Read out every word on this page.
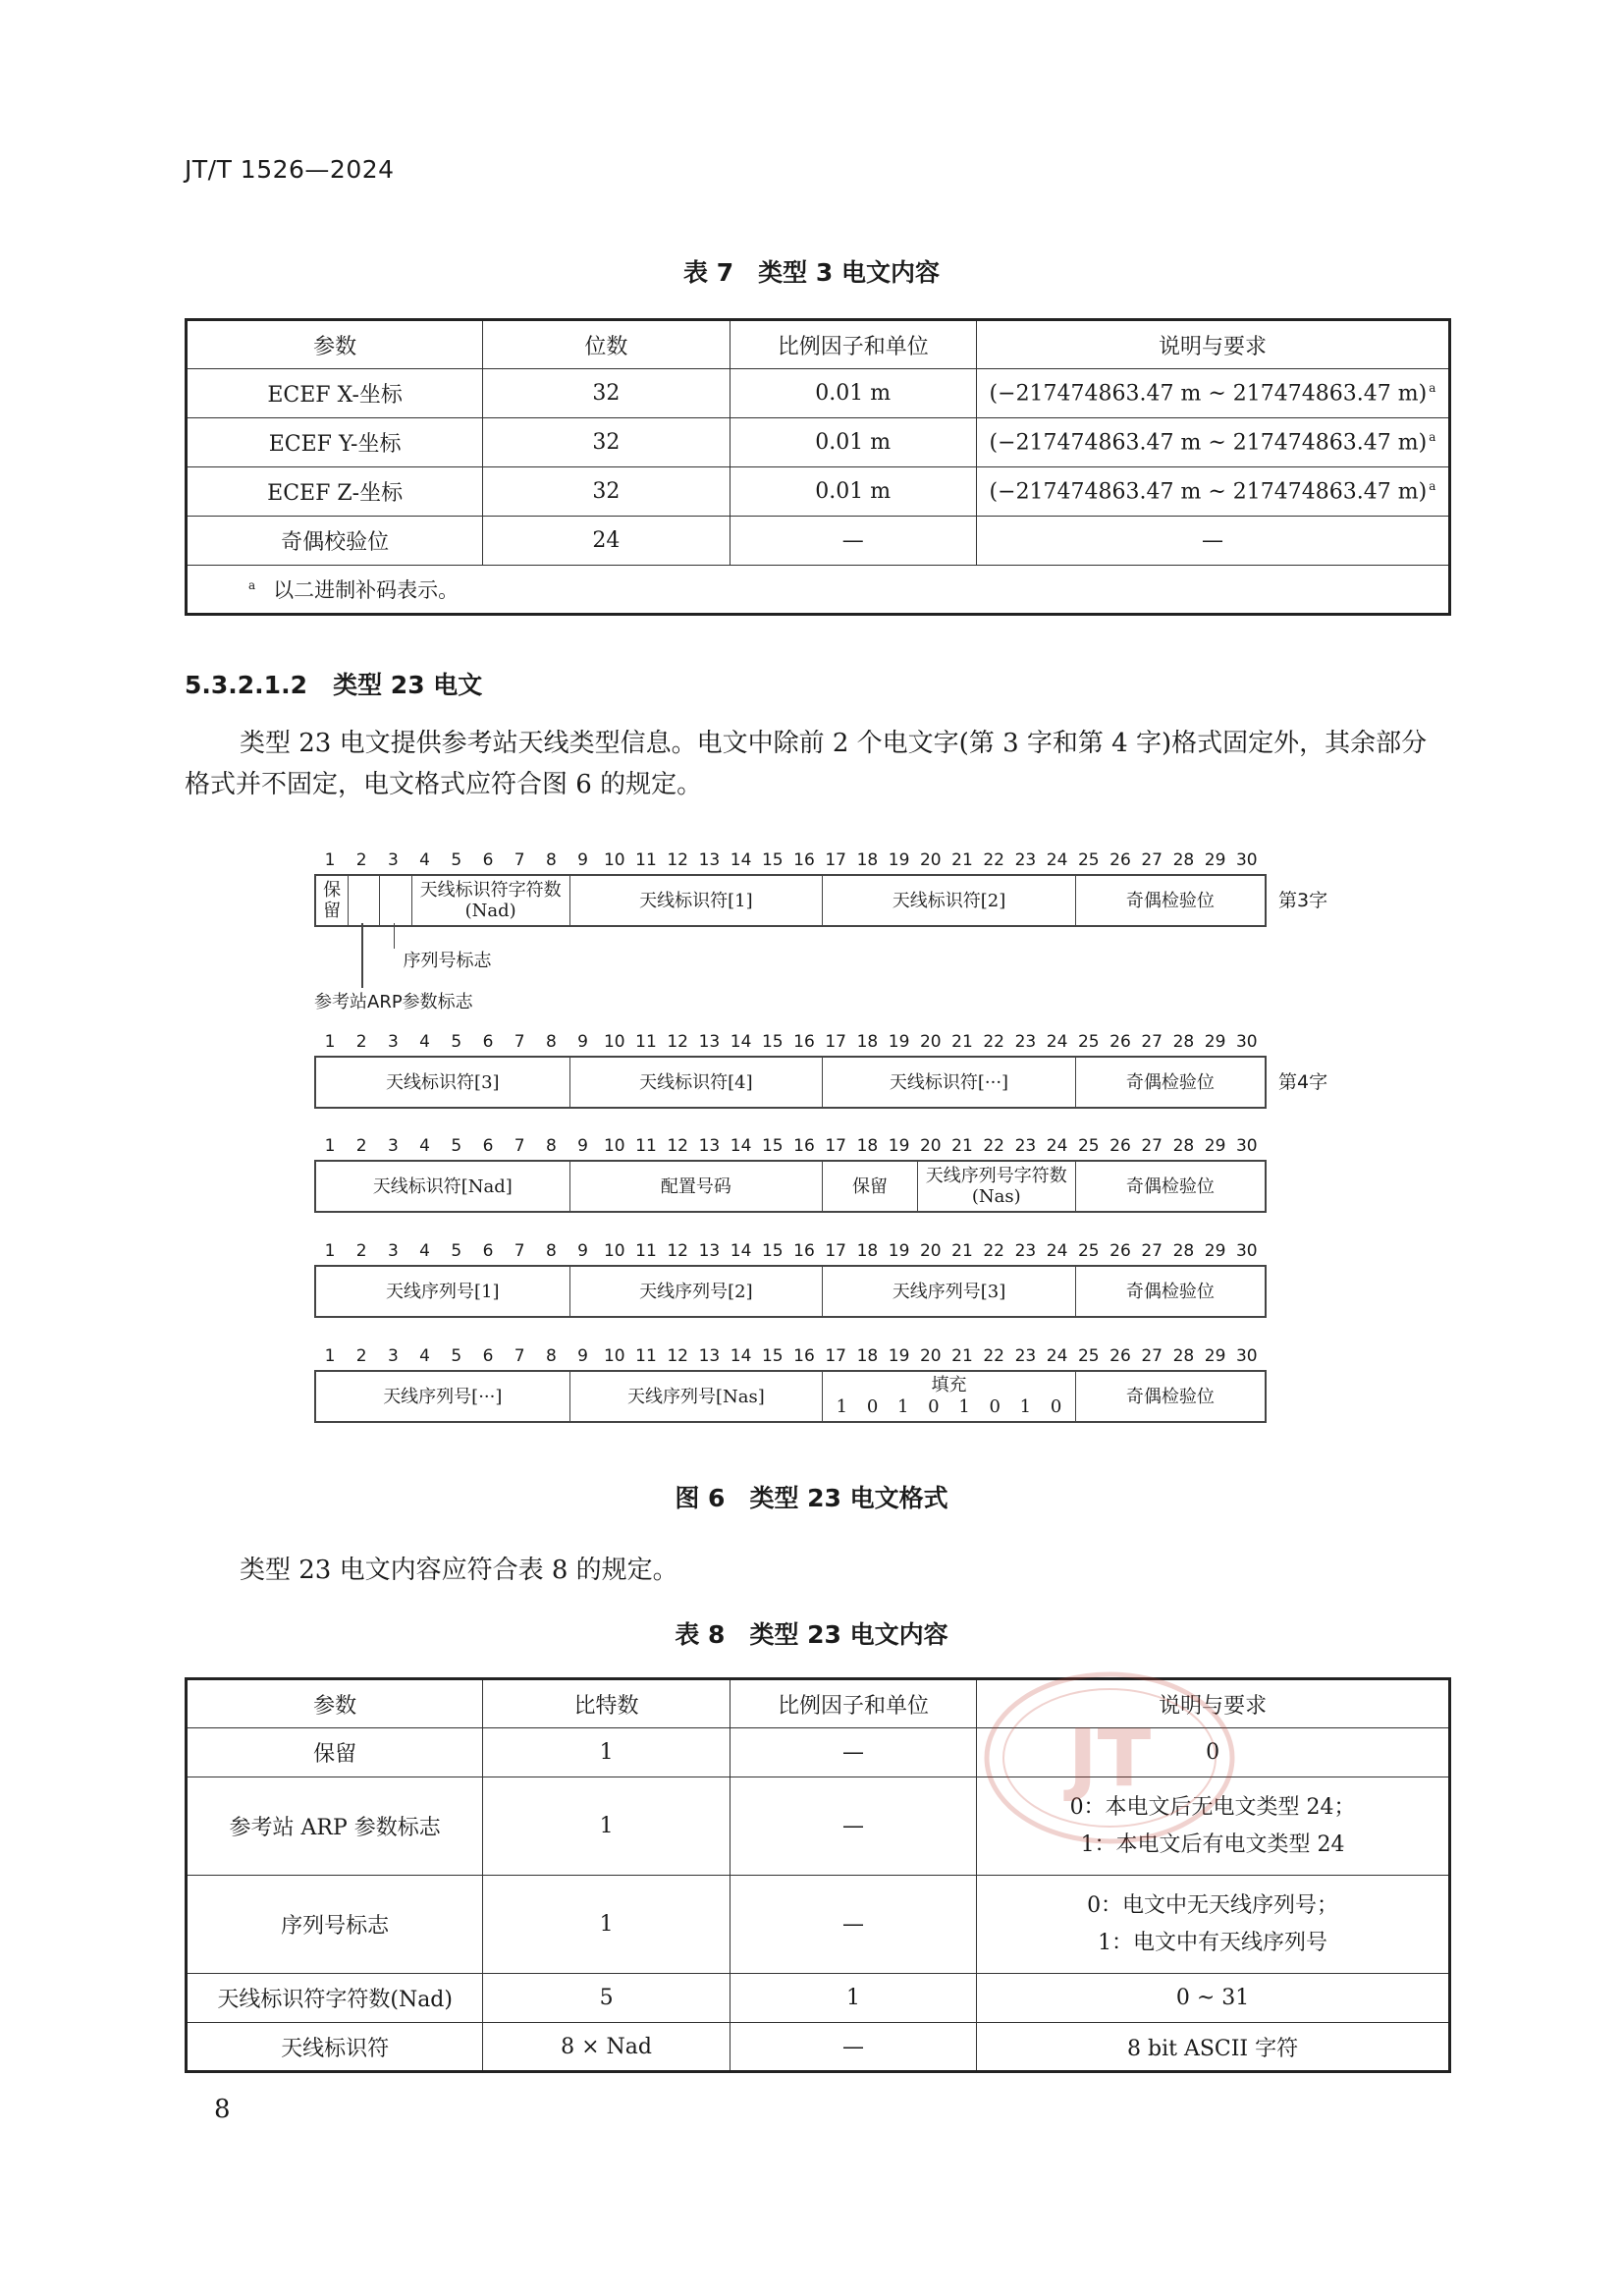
JT/T 1526—2024
表 7　类型 3 电文内容
参数	位数	比例因子和单位	说明与要求
ECEF X-坐标	32	0.01 m	(−217474863.47 m ~ 217474863.47 m) $^a$
ECEF Y-坐标	32	0.01 m	(−217474863.47 m ~ 217474863.47 m) $^a$
ECEF Z-坐标	32	0.01 m	(−217474863.47 m ~ 217474863.47 m) $^a$
奇偶校验位	24	—	—
$^a$ 以二进制补码表示。			
5.3.2.1.2 类型 23 电文
类型 23 电文提供参考站天线类型信息。电文中除前 2 个电文字(第 3 字和第 4 字)格式固定外，其余部分格式并不固定，电文格式应符合图 6 的规定。
1	2	3	4	5	6	7	8	9 10 11 12 13 14 15 16 17 18 19 20 21 22 23 24 25 26 27 28 29 30
保留
天线标识符字符数(Nad)	天线标识符[1]	天线标识符[2]	奇偶检验位	第3字
1	2	3	4	5	6	7	8	9 10 11 12 13 14 15 16 17 18 19 20 21 22 23 24 25 26 27 28 29 30
天线标识符[3]	天线标识符[4]	天线标识符[···]	奇偶检验位	第4字
1	2	3	4	5	6	7	8	9 10 11 12 13 14 15 16 17 18 19 20 21 22 23 24 25 26 27 28 29 30
天线标识符[Nad]	配置号码	保留	天线序列号字符数(Nas)	奇偶检验位
1	2	3	4	5	6	7	8	9 10 11 12 13 14 15 16 17 18 19 20 21 22 23 24 25 26 27 28 29 30
天线序列号[1]	天线序列号[2]	天线序列号[3]	奇偶检验位
1	2	3	4	5	6	7	8	9 10 11 12 13 14 15 16 17 18 19 20 21 22 23 24 25 26 27 28 29 30
天线序列号[···]	天线序列号[Nas]
填充
1 0 1 0 1 0 1 0	奇偶检验位
序列号标志
参考站ARP参数标志
图 6　类型 23 电文格式
类型 23 电文内容应符合表 8 的规定。
表 8　类型 23 电文内容
参数	比特数	比例因子和单位	说明与要求
保留	1	—	0
参考站 ARP 参数标志	1	—	0：本电文后无电文类型 24；
1：本电文后有电文类型 24
序列号标志	1	—	0：电文中无天线序列号；
1：电文中有天线序列号
天线标识符字符数(Nad)	5	1	0 ~ 31
天线标识符	8 × Nad	—	8 bit ASCII 字符
JT
8
